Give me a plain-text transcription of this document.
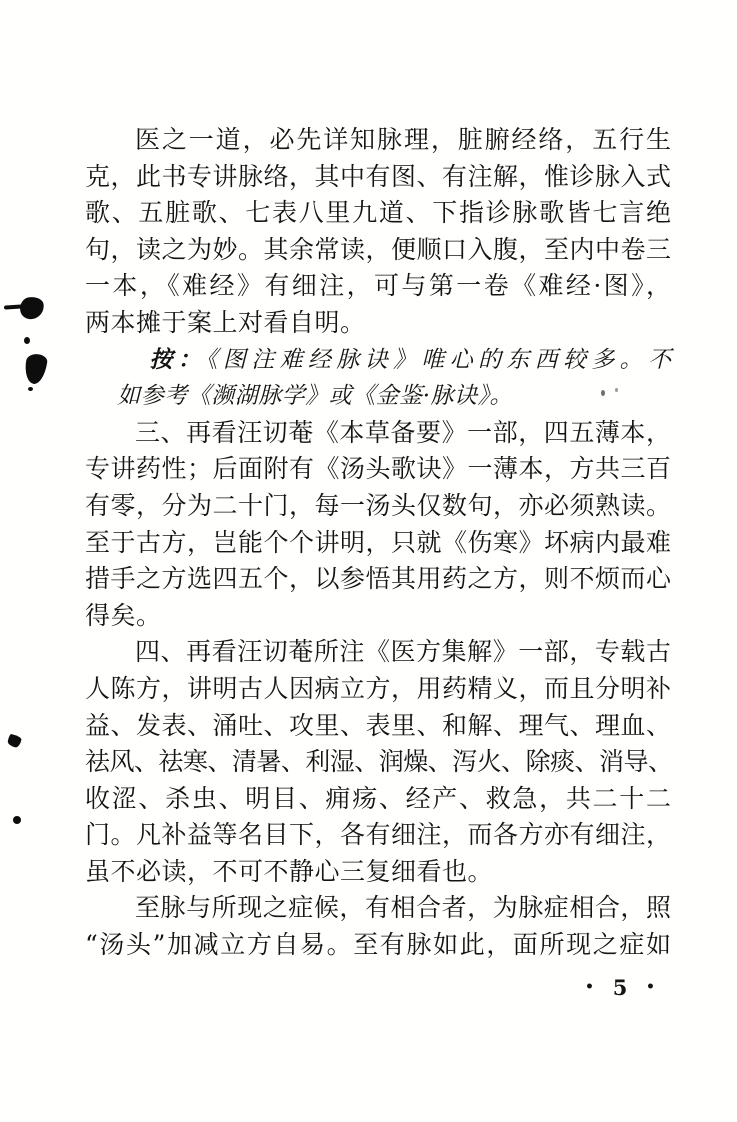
医之一道，必先详知脉理，脏腑经络，五行生
克，此书专讲脉络，其中有图、有注解，惟诊脉入式
歌、五脏歌、七表八里九道、下指诊脉歌皆七言绝
句，读之为妙。其余常读，便顺口入腹，至内中卷三
一本，《难经》有细注，可与第一卷《难经·图》，
两本摊于案上对看自明。
按：《图注难经脉诀》唯心的东西较多。不
如参考《濒湖脉学》或《金鉴·脉诀》。
三、再看汪讱菴《本草备要》一部，四五薄本，
专讲药性；后面附有《汤头歌诀》一薄本，方共三百
有零，分为二十门，每一汤头仅数句，亦必须熟读。
至于古方，岂能个个讲明，只就《伤寒》坏病内最难
措手之方选四五个，以参悟其用药之方，则不烦而心
得矣。
四、再看汪讱菴所注《医方集解》一部，专载古
人陈方，讲明古人因病立方，用药精义，而且分明补
益、发表、涌吐、攻里、表里、和解、理气、理血、
祛风、祛寒、清暑、利湿、润燥、泻火、除痰、消导、
收涩、杀虫、明目、痈疡、经产、救急，共二十二
门。凡补益等名目下，各有细注，而各方亦有细注，
虽不必读，不可不静心三复细看也。
至脉与所现之症候，有相合者，为脉症相合，照
“汤头”加减立方自易。至有脉如此，面所现之症如
• 5 •
